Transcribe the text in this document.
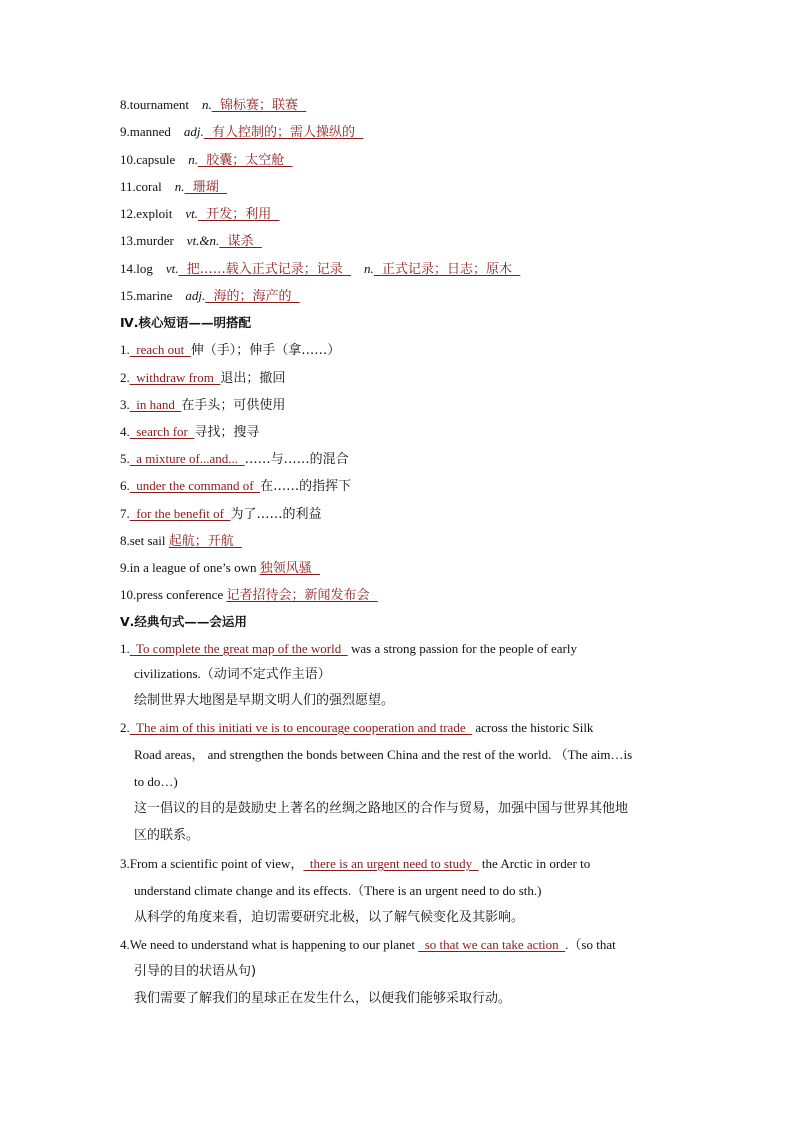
8.tournament n.  锦标赛；联赛
9.manned adj.  有人控制的；需人操纵的
10.capsule n.  胶囊；太空舱
11.coral n.  珊瑚
12.exploit vt.  开发；利用
13.murder vt.&n.  谋杀
14.log vt.  把……载入正式记录；记录      n.  正式记录；日志；原木
15.marine adj.  海的；海产的
Ⅳ.核心短语——明搭配
1.  reach out  伸（手）；伸手（拿……）
2.  withdraw from  退出；撤回
3.  in hand  在手头；可供使用
4.  search for  寻找；搜寻
5.  a mixture of...and...  ……与……的混合
6.  under the command of  在……的指挥下
7.  for the benefit of  为了……的利益
8.set sail 起航；开航
9.in a league of one’s own 独领风骚
10.press conference 记者招待会；新闻发布会
Ⅴ.经典句式——会运用
1.  To complete the great map of the world   was a strong passion for the people of early
civilizations.（动词不定式作主语）
绘制世界大地图是早期文明人们的强烈愿望。
2.  The aim of this initiati ve is to encourage cooperation and trade   across the historic Silk
Road areas， and strengthen the bonds between China and the rest of the world. （The aim…is
to do…)
这一倡议的目的是鼓励史上著名的丝绸之路地区的合作与贸易，加强中国与世界其他地
区的联系。
3.From a scientific point of view，  there is an urgent need to study   the Arctic in order to
understand climate change and its effects.（There is an urgent need to do sth.)
从科学的角度来看，迫切需要研究北极，以了解气候变化及其影响。
4.We need to understand what is happening to our planet   so that we can take action  .（so that
引导的目的状语从句)
我们需要了解我们的星球正在发生什么，以便我们能够采取行动。
